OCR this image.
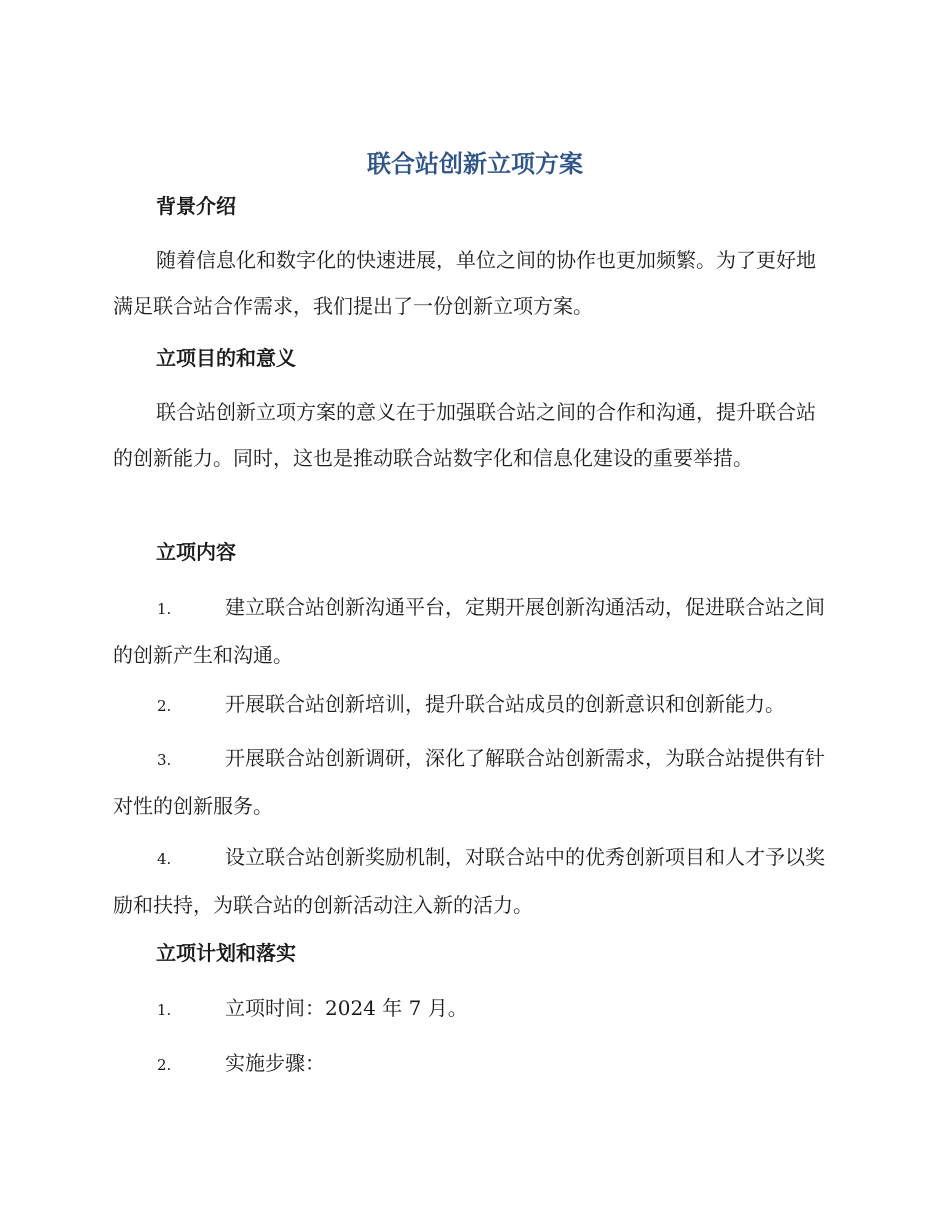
联合站创新立项方案
背景介绍

随着信息化和数字化的快速进展，单位之间的协作也更加频繁。为了更好地满足联合站合作需求，我们提出了一份创新立项方案。

立项目的和意义

联合站创新立项方案的意义在于加强联合站之间的合作和沟通，提升联合站的创新能力。同时，这也是推动联合站数字化和信息化建设的重要举措。

立项内容

1.	建立联合站创新沟通平台，定期开展创新沟通活动，促进联合站之间的创新产生和沟通。

2.	开展联合站创新培训，提升联合站成员的创新意识和创新能力。

3.	开展联合站创新调研，深化了解联合站创新需求，为联合站提供有针对性的创新服务。

4.	设立联合站创新奖励机制，对联合站中的优秀创新项目和人才予以奖励和扶持，为联合站的创新活动注入新的活力。

立项计划和落实

1.	立项时间：2024 年 7 月。

2.	实施步骤：
